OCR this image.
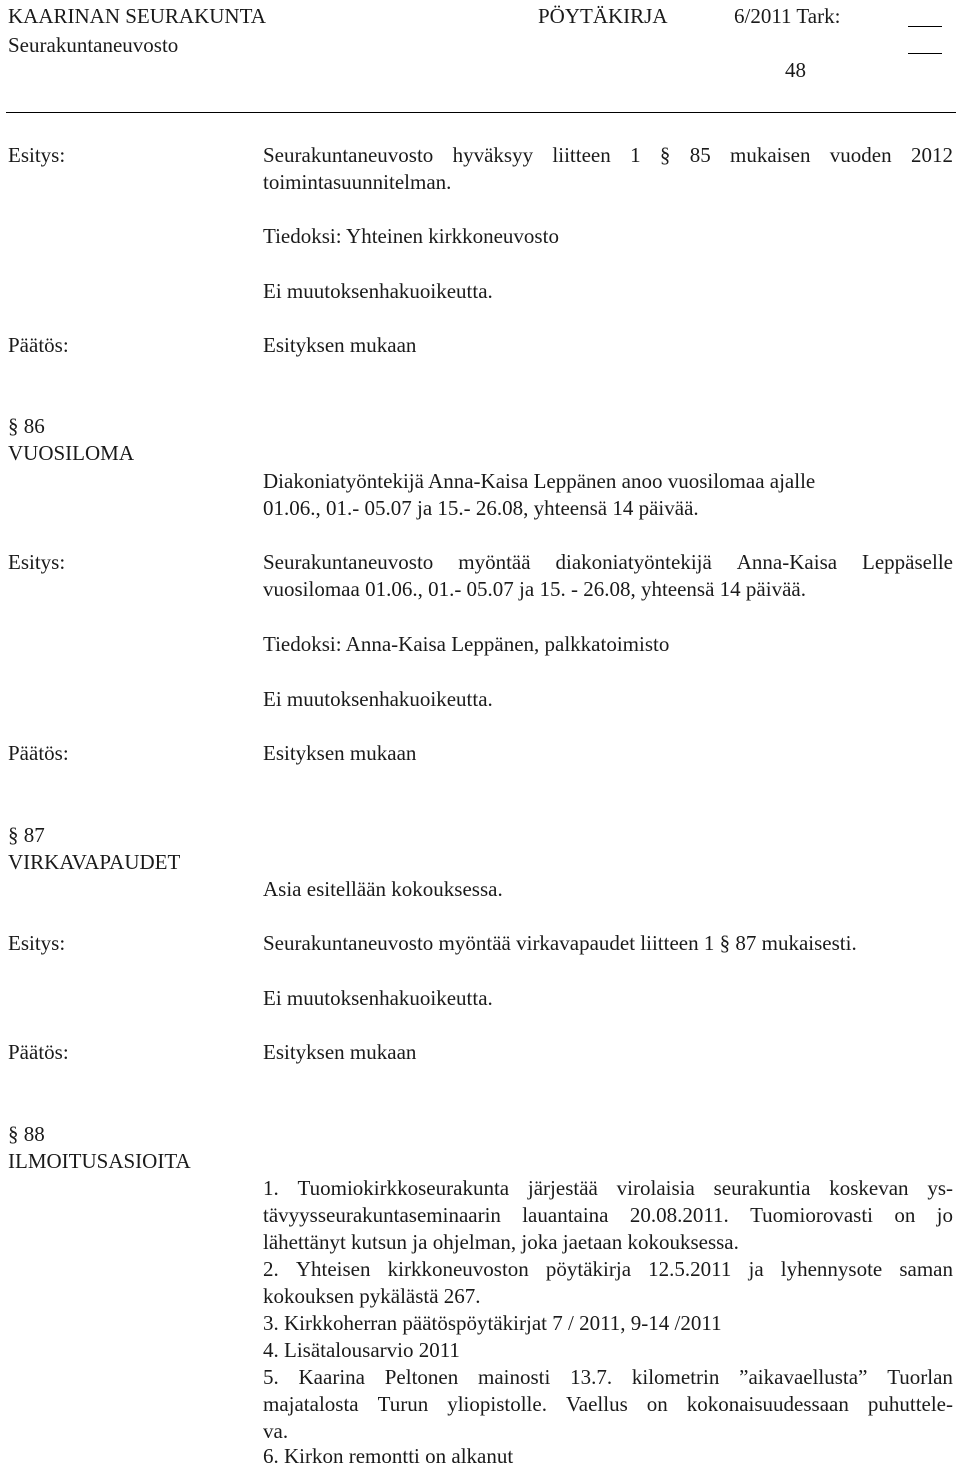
KAARINAN SEURAKUNTA	PÖYTÄKIRJA	6/2011 Tark:
Seurakuntaneuvosto
48
Esitys:	Seurakuntaneuvosto hyväksyy liitteen 1 § 85 mukaisen vuoden 2012
toimintasuunnitelman.
Tiedoksi: Yhteinen kirkkoneuvosto
Ei muutoksenhakuoikeutta.
Päätös:	Esityksen mukaan
§ 86
VUOSILOMA
Diakoniatyöntekijä Anna-Kaisa Leppänen anoo vuosilomaa ajalle
01.06., 01.- 05.07 ja 15.- 26.08, yhteensä 14 päivää.
Esitys:	Seurakuntaneuvosto myöntää diakoniatyöntekijä Anna-Kaisa Leppäselle
vuosilomaa 01.06., 01.- 05.07 ja 15. - 26.08, yhteensä 14 päivää.
Tiedoksi: Anna-Kaisa Leppänen, palkkatoimisto
Ei muutoksenhakuoikeutta.
Päätös:	Esityksen mukaan
§ 87
VIRKAVAPAUDET
Asia esitellään kokouksessa.
Esitys:	Seurakuntaneuvosto myöntää virkavapaudet liitteen 1 § 87 mukaisesti.
Ei muutoksenhakuoikeutta.
Päätös:	Esityksen mukaan
§ 88
ILMOITUSASIOITA
1. Tuomiokirkkoseurakunta järjestää virolaisia seurakuntia koskevan ys-
tävyysseurakuntaseminaarin lauantaina 20.08.2011. Tuomiorovasti on jo
lähettänyt kutsun ja ohjelman, joka jaetaan kokouksessa.
2. Yhteisen kirkkoneuvoston pöytäkirja 12.5.2011 ja lyhennysote saman
kokouksen pykälästä 267.
3. Kirkkoherran päätöspöytäkirjat 7 / 2011, 9-14 /2011
4. Lisätalousarvio 2011
5. Kaarina Peltonen mainosti 13.7. kilometrin ”aikavaellusta” Tuorlan
majatalosta Turun yliopistolle. Vaellus on kokonaisuudessaan puhuttele-
va.
6. Kirkon remontti on alkanut
